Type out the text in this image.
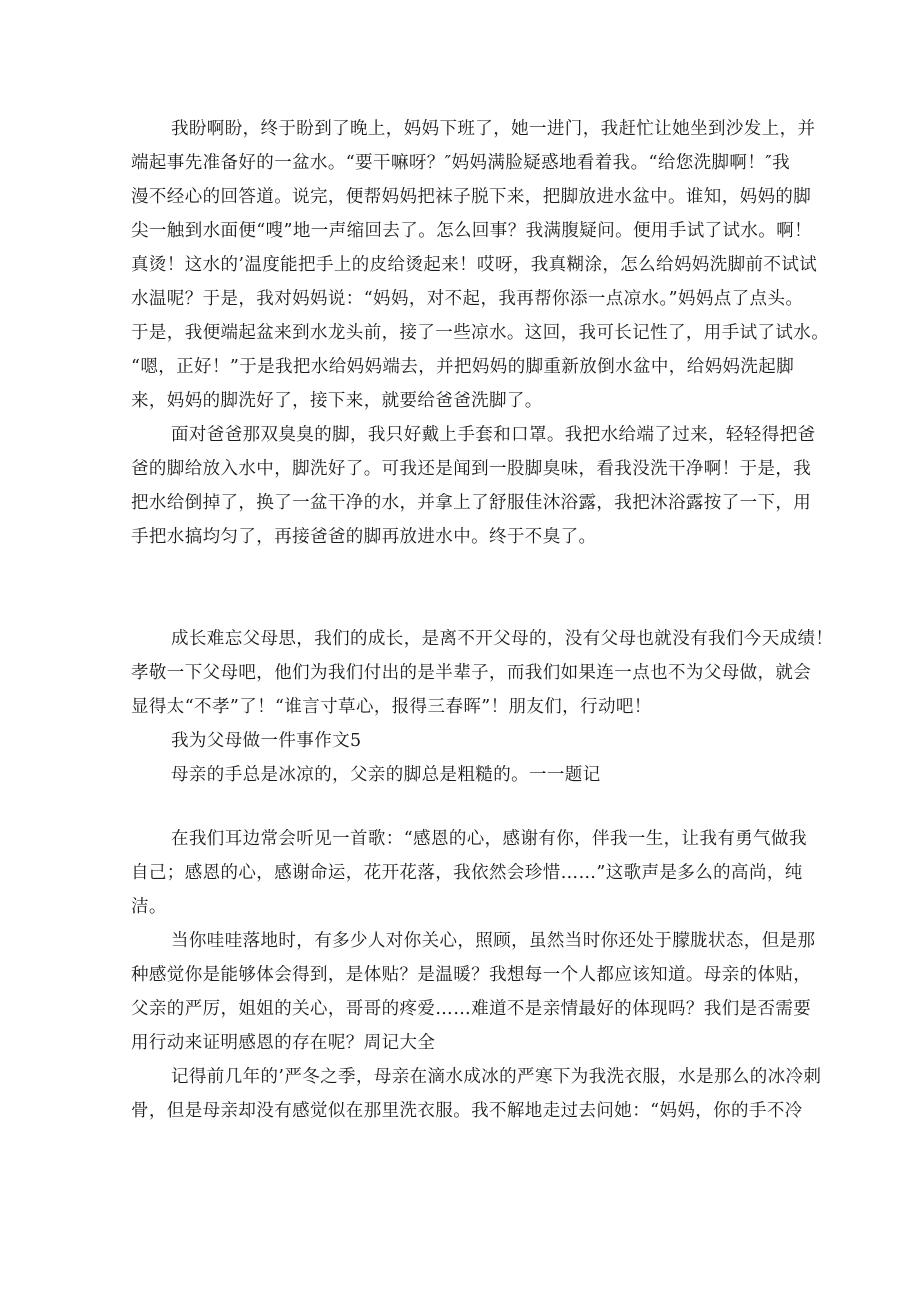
我盼啊盼，终于盼到了晚上，妈妈下班了，她一进门，我赶忙让她坐到沙发上，并
端起事先准备好的一盆水。“要干嘛呀？″妈妈满脸疑惑地看着我。“给您洗脚啊！″我
漫不经心的回答道。说完，便帮妈妈把袜子脱下来，把脚放进水盆中。谁知，妈妈的脚
尖一触到水面便“嗖”地一声缩回去了。怎么回事？我满腹疑问。便用手试了试水。啊！
真烫！这水的’温度能把手上的皮给烫起来！哎呀，我真糊涂，怎么给妈妈洗脚前不试试
水温呢？于是，我对妈妈说：“妈妈，对不起，我再帮你添一点凉水。”妈妈点了点头。
于是，我便端起盆来到水龙头前，接了一些凉水。这回，我可长记性了，用手试了试水。
“嗯，正好！”于是我把水给妈妈端去，并把妈妈的脚重新放倒水盆中，给妈妈洗起脚
来，妈妈的脚洗好了，接下来，就要给爸爸洗脚了。
面对爸爸那双臭臭的脚，我只好戴上手套和口罩。我把水给端了过来，轻轻得把爸
爸的脚给放入水中，脚洗好了。可我还是闻到一股脚臭味，看我没洗干净啊！于是，我
把水给倒掉了，换了一盆干净的水，并拿上了舒服佳沐浴露，我把沐浴露按了一下，用
手把水搞均匀了，再接爸爸的脚再放进水中。终于不臭了。
成长难忘父母思，我们的成长，是离不开父母的，没有父母也就没有我们今天成绩！
孝敬一下父母吧，他们为我们付出的是半辈子，而我们如果连一点也不为父母做，就会
显得太“不孝”了！“谁言寸草心，报得三春晖”！朋友们，行动吧！
我为父母做一件事作文5
母亲的手总是冰凉的，父亲的脚总是粗糙的。一一题记
在我们耳边常会听见一首歌：“感恩的心，感谢有你，伴我一生，让我有勇气做我
自己；感恩的心，感谢命运，花开花落，我依然会珍惜……”这歌声是多么的高尚，纯
洁。
当你哇哇落地时，有多少人对你关心，照顾，虽然当时你还处于朦胧状态，但是那
种感觉你是能够体会得到，是体贴？是温暖？我想每一个人都应该知道。母亲的体贴，
父亲的严厉，姐姐的关心，哥哥的疼爱……难道不是亲情最好的体现吗？我们是否需要
用行动来证明感恩的存在呢？周记大全
记得前几年的’严冬之季，母亲在滴水成冰的严寒下为我洗衣服，水是那么的冰冷刺
骨，但是母亲却没有感觉似在那里洗衣服。我不解地走过去问她：“妈妈，你的手不冷
